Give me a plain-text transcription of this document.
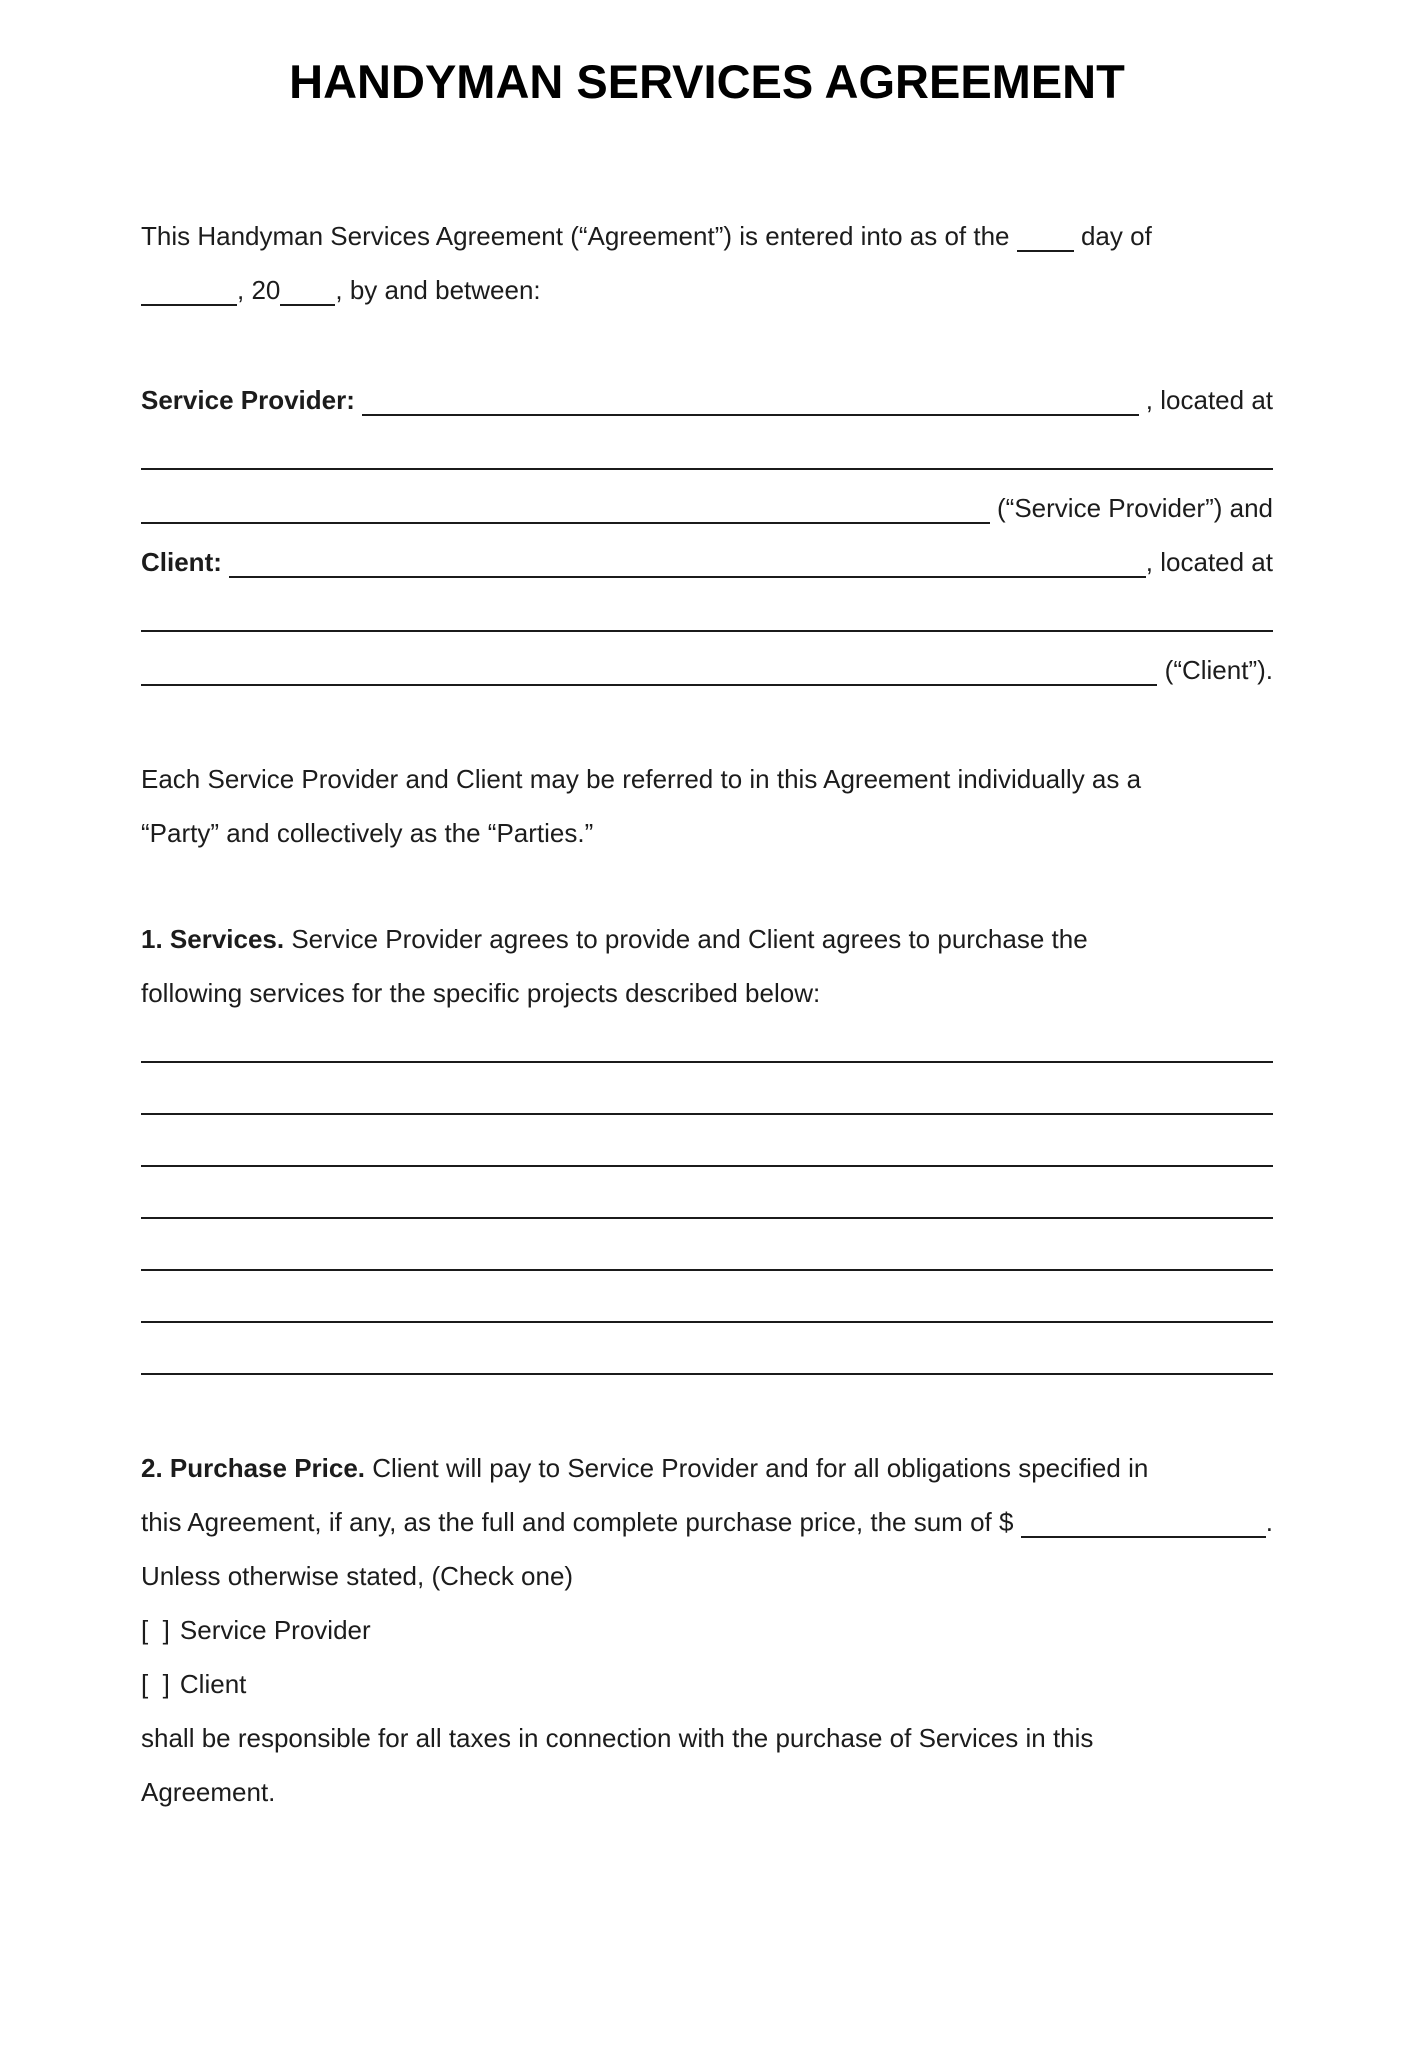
HANDYMAN SERVICES AGREEMENT
This Handyman Services Agreement (“Agreement”) is entered into as of the day of
, 20 , by and between:
Service Provider:	, located at
(“Service Provider”) and
Client:	, located at
(“Client”).
Each Service Provider and Client may be referred to in this Agreement individually as a
“Party” and collectively as the “Parties.”
1. Services. Service Provider agrees to provide and Client agrees to purchase the
following services for the specific projects described below:
2. Purchase Price. Client will pay to Service Provider and for all obligations specified in
this Agreement, if any, as the full and complete purchase price, the sum of $	.
Unless otherwise stated, (Check one)
[  ] Service Provider
[  ] Client
shall be responsible for all taxes in connection with the purchase of Services in this
Agreement.
